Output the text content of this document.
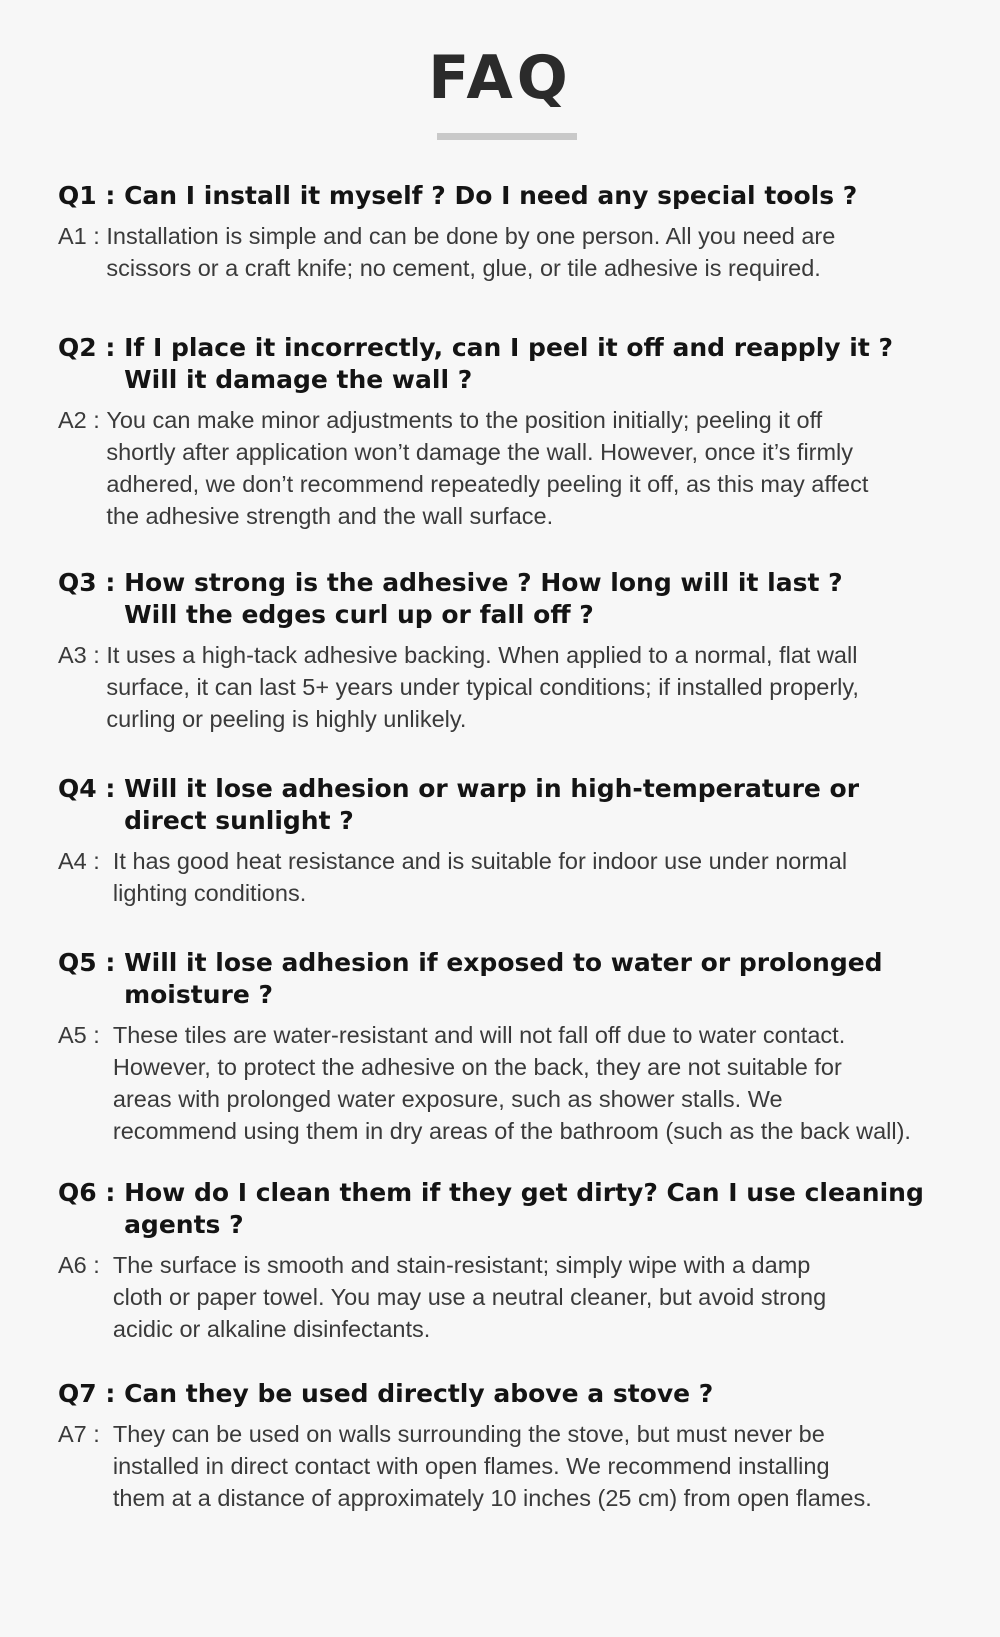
FAQ
Q1 : Can I install it myself ? Do I need any special tools ?
A1 : Installation is simple and can be done by one person. All you need are
scissors or a craft knife; no cement, glue, or tile adhesive is required.
Q2 : If I place it incorrectly, can I peel it off and reapply it ?
Will it damage the wall ?
A2 : You can make minor adjustments to the position initially; peeling it off
shortly after application won’t damage the wall. However, once it’s firmly
adhered, we don’t recommend repeatedly peeling it off, as this may affect
the adhesive strength and the wall surface.
Q3 : How strong is the adhesive ? How long will it last ?
Will the edges curl up or fall off ?
A3 : It uses a high-tack adhesive backing. When applied to a normal, flat wall
surface, it can last 5+ years under typical conditions; if installed properly,
curling or peeling is highly unlikely.
Q4 : Will it lose adhesion or warp in high-temperature or
direct sunlight ?
A4 : It has good heat resistance and is suitable for indoor use under normal
lighting conditions.
Q5 : Will it lose adhesion if exposed to water or prolonged
moisture ?
A5 : These tiles are water-resistant and will not fall off due to water contact.
However, to protect the adhesive on the back, they are not suitable for
areas with prolonged water exposure, such as shower stalls. We
recommend using them in dry areas of the bathroom (such as the back wall).
Q6 : How do I clean them if they get dirty? Can I use cleaning
agents ?
A6 : The surface is smooth and stain-resistant; simply wipe with a damp
cloth or paper towel. You may use a neutral cleaner, but avoid strong
acidic or alkaline disinfectants.
Q7 : Can they be used directly above a stove ?
A7 : They can be used on walls surrounding the stove, but must never be
installed in direct contact with open flames. We recommend installing
them at a distance of approximately 10 inches (25 cm) from open flames.
